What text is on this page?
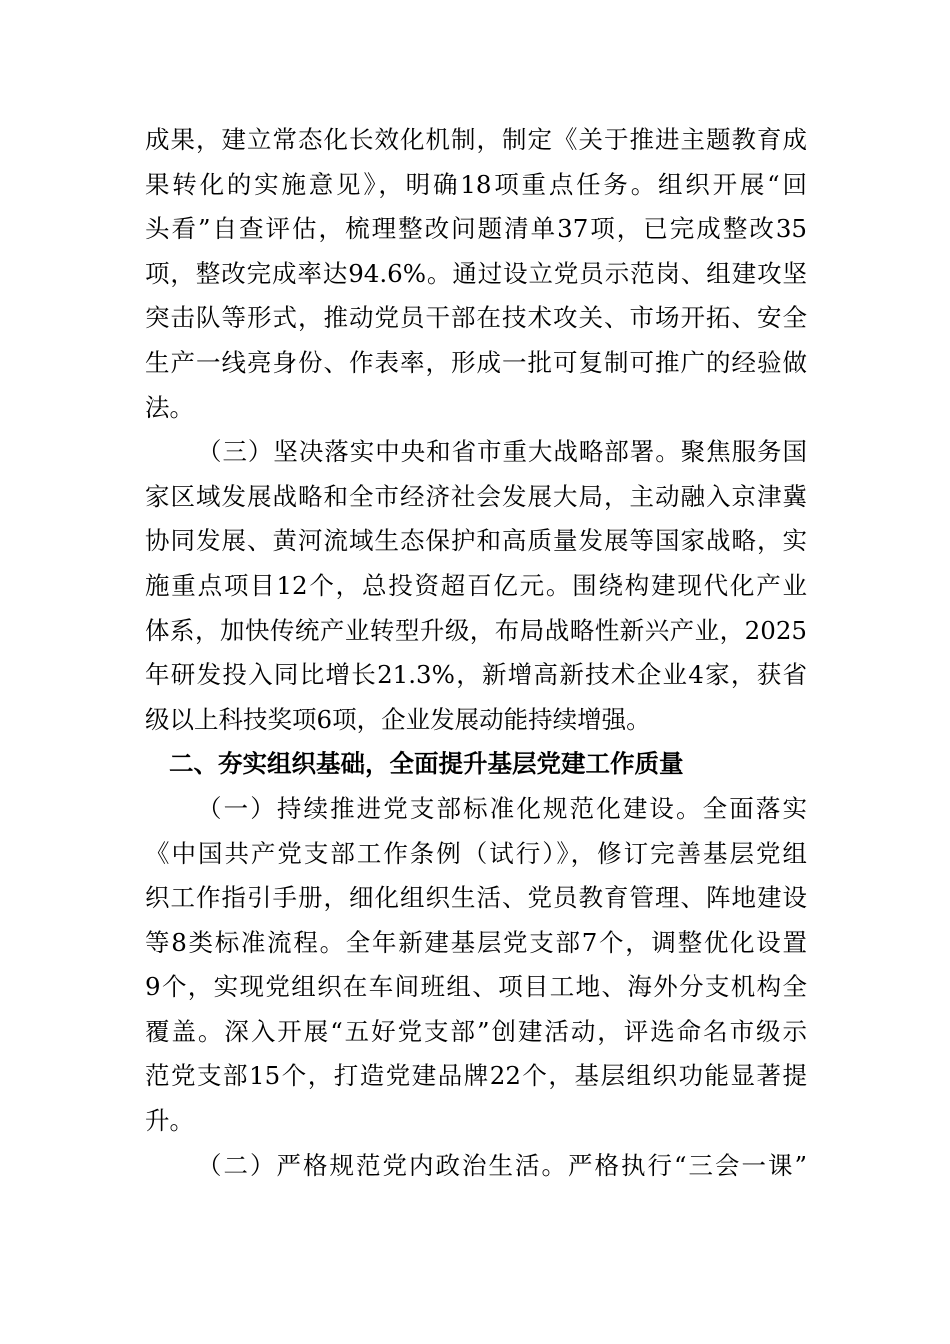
成果，建立常态化长效化机制，制定《关于推进主题教育成
果转化的实施意见》，明确18项重点任务。组织开展“回
头看”自查评估，梳理整改问题清单37项，已完成整改35
项，整改完成率达94.6%。通过设立党员示范岗、组建攻坚
突击队等形式，推动党员干部在技术攻关、市场开拓、安全
生产一线亮身份、作表率，形成一批可复制可推广的经验做
法。
（三）坚决落实中央和省市重大战略部署。聚焦服务国
家区域发展战略和全市经济社会发展大局，主动融入京津冀
协同发展、黄河流域生态保护和高质量发展等国家战略，实
施重点项目12个，总投资超百亿元。围绕构建现代化产业
体系，加快传统产业转型升级，布局战略性新兴产业，2025
年研发投入同比增长21.3%，新增高新技术企业4家，获省
级以上科技奖项6项，企业发展动能持续增强。
二、夯实组织基础，全面提升基层党建工作质量
（一）持续推进党支部标准化规范化建设。全面落实
《中国共产党支部工作条例（试行）》，修订完善基层党组
织工作指引手册，细化组织生活、党员教育管理、阵地建设
等8类标准流程。全年新建基层党支部7个，调整优化设置
9个，实现党组织在车间班组、项目工地、海外分支机构全
覆盖。深入开展“五好党支部”创建活动，评选命名市级示
范党支部15个，打造党建品牌22个，基层组织功能显著提
升。
（二）严格规范党内政治生活。严格执行“三会一课”
